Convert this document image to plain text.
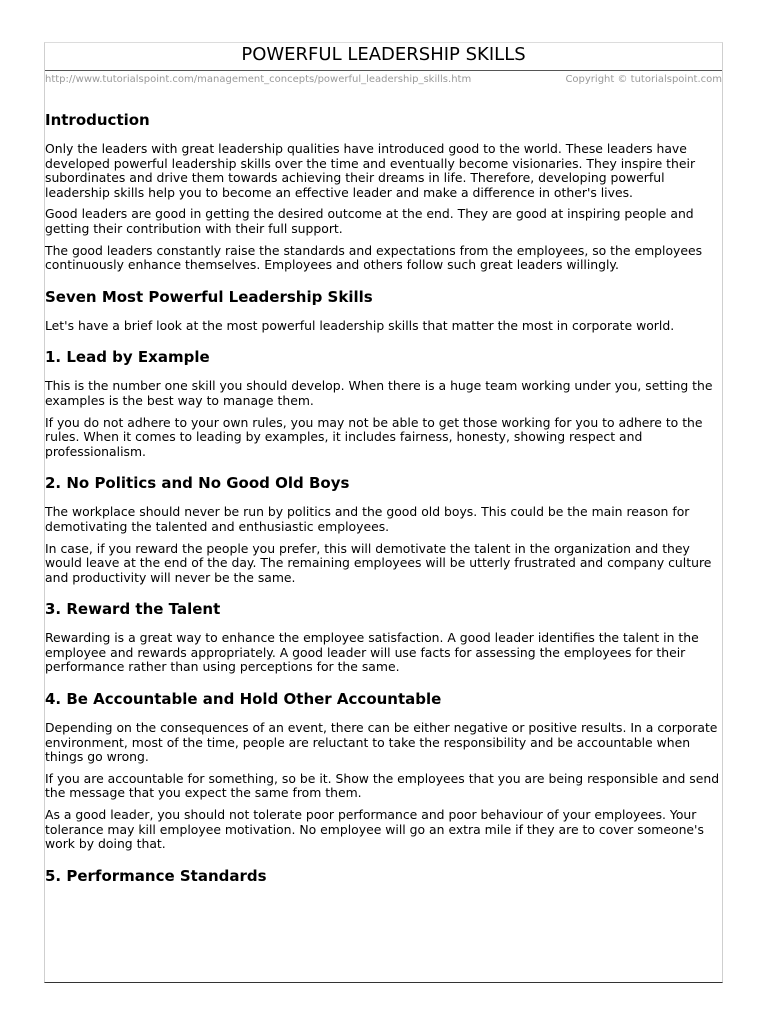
POWERFUL LEADERSHIP SKILLS
http://www.tutorialspoint.com/management_concepts/powerful_leadership_skills.htm	Copyright © tutorialspoint.com
Introduction

Only the leaders with great leadership qualities have introduced good to the world. These leaders have developed powerful leadership skills over the time and eventually become visionaries. They inspire their subordinates and drive them towards achieving their dreams in life. Therefore, developing powerful leadership skills help you to become an effective leader and make a difference in other's lives.

Good leaders are good in getting the desired outcome at the end. They are good at inspiring people and getting their contribution with their full support.

The good leaders constantly raise the standards and expectations from the employees, so the employees continuously enhance themselves. Employees and others follow such great leaders willingly.

Seven Most Powerful Leadership Skills

Let's have a brief look at the most powerful leadership skills that matter the most in corporate world.

1. Lead by Example

This is the number one skill you should develop. When there is a huge team working under you, setting the examples is the best way to manage them.

If you do not adhere to your own rules, you may not be able to get those working for you to adhere to the rules. When it comes to leading by examples, it includes fairness, honesty, showing respect and professionalism.

2. No Politics and No Good Old Boys

The workplace should never be run by politics and the good old boys. This could be the main reason for demotivating the talented and enthusiastic employees.

In case, if you reward the people you prefer, this will demotivate the talent in the organization and they would leave at the end of the day. The remaining employees will be utterly frustrated and company culture and productivity will never be the same.

3. Reward the Talent

Rewarding is a great way to enhance the employee satisfaction. A good leader identifies the talent in the employee and rewards appropriately. A good leader will use facts for assessing the employees for their performance rather than using perceptions for the same.

4. Be Accountable and Hold Other Accountable

Depending on the consequences of an event, there can be either negative or positive results. In a corporate environment, most of the time, people are reluctant to take the responsibility and be accountable when things go wrong.

If you are accountable for something, so be it. Show the employees that you are being responsible and send the message that you expect the same from them.

As a good leader, you should not tolerate poor performance and poor behaviour of your employees. Your tolerance may kill employee motivation. No employee will go an extra mile if they are to cover someone's work by doing that.

5. Performance Standards
